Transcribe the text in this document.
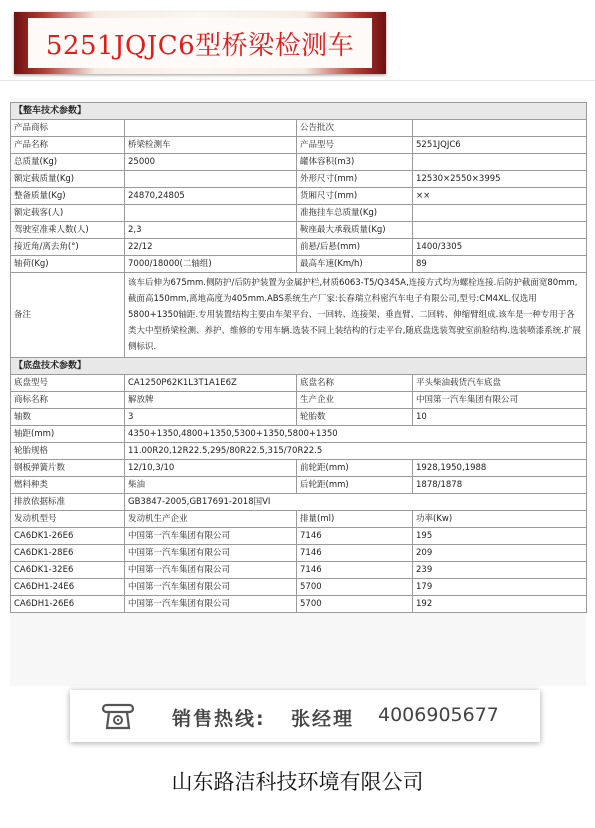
5251JQJC6型桥梁检测车
【整车技术参数】			
产品商标		公告批次	
产品名称	桥梁检测车	产品型号	5251JQJC6
总质量(Kg)	25000	罐体容积(m3)	
额定载质量(Kg)		外形尺寸(mm)	12530×2550×3995
整备质量(Kg)	24870,24805	货厢尺寸(mm)	××
额定载客(人)		准拖挂车总质量(Kg)	
驾驶室准乘人数(人)	2,3	鞍座最大承载质量(Kg)	
接近角/离去角(°)	22/12	前悬/后悬(mm)	1400/3305
轴荷(Kg)	7000/18000(二轴组)	最高车速(Km/h)	89
备注	该车后伸为675mm.侧防护/后防护装置为金属护栏,材质6063-T5/Q345A,连接方式均为螺栓连接.后防护截面宽80mm,截面高150mm,离地高度为405mm.ABS系统生产厂家:长春瑞立科密汽车电子有限公司,型号:CM4XL.仅选用5800+1350轴距.专用装置结构主要由车架平台、一回转、连接架、垂直臂、二回转、伸缩臂组成.该车是一种专用于各类大中型桥梁检测、养护、维修的专用车辆.选装不同上装结构的行走平台,随底盘选装驾驶室前脸结构.选装喷漆系统.扩展侧标识.		
【底盘技术参数】			
底盘型号	CA1250P62K1L3T1A1E6Z	底盘名称	平头柴油载货汽车底盘
商标名称	解放牌	生产企业	中国第一汽车集团有限公司
轴数	3	轮胎数	10
轴距(mm)	4350+1350,4800+1350,5300+1350,5800+1350		
轮胎规格	11.00R20,12R22.5,295/80R22.5,315/70R22.5		
钢板弹簧片数	12/10,3/10	前轮距(mm)	1928,1950,1988
燃料种类	柴油	后轮距(mm)	1878/1878
排放依据标准	GB3847-2005,GB17691-2018国VI		
发动机型号	发动机生产企业	排量(ml)	功率(Kw)
CA6DK1-26E6	中国第一汽车集团有限公司	7146	195
CA6DK1-28E6	中国第一汽车集团有限公司	7146	209
CA6DK1-32E6	中国第一汽车集团有限公司	7146	239
CA6DH1-24E6	中国第一汽车集团有限公司	5700	179
CA6DH1-26E6	中国第一汽车集团有限公司	5700	192
销售热线: 张经理 4006905677
山东路洁科技环境有限公司
